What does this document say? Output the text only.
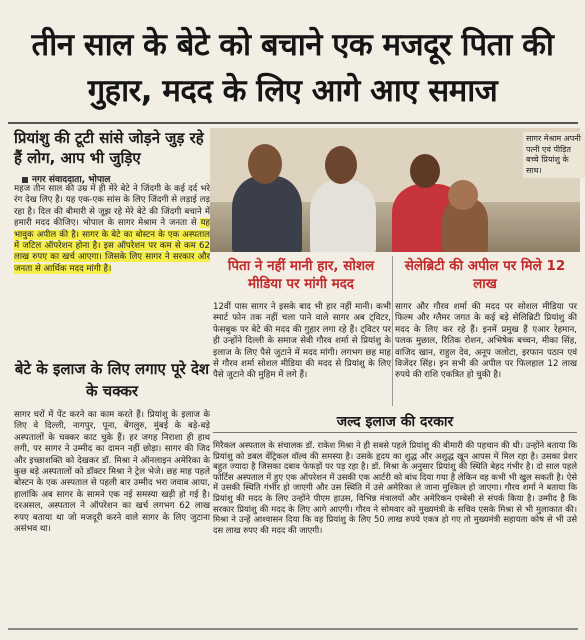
तीन साल के बेटे को बचाने एक मजदूर पिता की गुहार, मदद के लिए आगे आए समाज
प्रियांशु की टूटी सांसे जोड़ने जुड़ रहे हैं लोग, आप भी जुड़िए
नगर संवाददाता, भोपाल
महज तीन साल की उम्र में ही मेरे बेटे ने जिंदगी के कई दर्द भरे रंग देख लिए है। यह एक-एक सांस के लिए जिंदगी से लड़ाई लड़ रहा है। दिल की बीमारी से जूझ रहे मेरे बेटे की जिंदगी बचाने में हमारी मदद कीजिए। भोपाल के सागर मेश्राम ने जनता से यह भावुक अपील की है। सागर के बेटे का बोस्टन के एक अस्पताल में जटिल ऑपरेशन होना है। इस ऑपरेशन पर कम से कम 62 लाख रुपए का खर्च आएगा। जिसके लिए सागर ने सरकार और जनता से आर्थिक मदद मांगी है।
बेटे के इलाज के लिए लगाए पूरे देश के चक्कर
सागर घरों में पेंट करने का काम करते हैं। प्रियांशु के इलाज के लिए वे दिल्ली, नागपुर, पूना, बेंगलुरु, मुंबई के बड़े-बड़े अस्पतालों के चक्कर काट चुके हैं। हर जगह निराशा ही हाथ लगी, पर सागर ने उम्मीद का दामन नहीं छोड़ा। सागर की जिद और इच्छाशक्ति को देखकर डॉ. मिश्रा ने ऑनलाइन अमेरिका के कुछ बड़े अस्पतालों को डॉक्टर मिश्रा ने ट्रेल भेजे। छह माह पहले बोस्टन के एक अस्पताल से पहली बार उम्मीद भरा जवाब आया, हालांकि अब सागर के सामने एक नई समस्या खड़ी हो गई है। दरअसल, अस्पताल ने ऑपरेशन का खर्च लगभग 62 लाख रुपए बताया था जो मजदूरी करने वाले सागर के लिए जुटाना असंभव था।
सागर मेश्राम अपनी पत्नी एवं पीड़ित बच्चे प्रियांशु के साथ।
पिता ने नहीं मानी हार, सोशल मीडिया पर मांगी मदद
सेलेब्रिटी की अपील पर मिले 12 लाख
12वीं पास सागर ने इसके बाद भी हार नहीं मानी। कभी स्मार्ट फोन तक नहीं चला पाने वाले सागर अब ट्विटर, फेसबुक पर बेटे की मदद की गुहार लगा रहे हैं। ट्विटर पर ही उन्होंने दिल्ली के समाज सेवी गौरव शर्मा से प्रियांशु के इलाज के लिए पैसे जुटाने में मदद मांगी। लगभग छह माह से गौरव शर्मा सोशल मीडिया की मदद से प्रियांशु के लिए पैसे जुटाने की मुहिम में लगे हैं।
सागर और गौरव शर्मा की मदद पर सोशल मीडिया पर फिल्म और ग्लैमर जगत के कई बड़े सेलिब्रिटी प्रियांशु की मदद के लिए कर रहे हैं। इनमें प्रमुख हैं एआर रेहमान, पलक मुछाल, रितिक रोशन, अभिषेक बच्चन, मीका सिंह, वाजिद खान, राहुल देव, अनूप जलोटा, इरफान पठान एवं विजेंदर सिंह। इन सभी की अपील पर फिलहाल 12 लाख रुपये की राशि एकत्रित हो चुकी है।
जल्द इलाज की दरकार
मिरैकल अस्पताल के संचालक डॉ. राकेश मिश्रा ने ही सबसे पहले प्रियांशु की बीमारी की पहचान की थी। उन्होंने बताया कि प्रियांशु को डबल वेंट्रिकल वॉल्व की समस्या है। उसके हृदय का शुद्ध और अशुद्ध खून आपस में मिल रहा है। उसका प्रेशर बहुत ज्यादा है जिसका दबाव फेफड़ों पर पड़ रहा है। डॉ. मिश्रा के अनुसार प्रियांशु की स्थिति बेहद गंभीर है। दो साल पहले फोर्टिस अस्पताल में हुए एक ऑपरेशन में उसकी एक आर्टरी को बांध दिया गया है लेकिन वह कभी भी खुल सकती है। ऐसे में उसकी स्थिति गंभीर हो जाएगी और उस स्थिति में उसे अमेरिका ले जाना मुश्किल हो जाएगा। गौरव शर्मा ने बताया कि प्रियांशु की मदद के लिए उन्होंने पीएम हाउस, विभिन्न मंत्रालयों और अमेरिकन एम्बेसी से संपर्क किया है। उम्मीद है कि सरकार प्रियांशु की मदद के लिए आगे आएगी। गौरव ने सोमवार को मुख्यमंत्री के सचिव एसके मिश्रा से भी मुलाकात की। मिश्रा ने उन्हें आश्वासन दिया कि वह प्रियांशु के लिए 50 लाख रुपये एकत्र हो गए तो मुख्यमंत्री सहायता कोष से भी उसे दस लाख रुपए की मदद की जाएगी।
